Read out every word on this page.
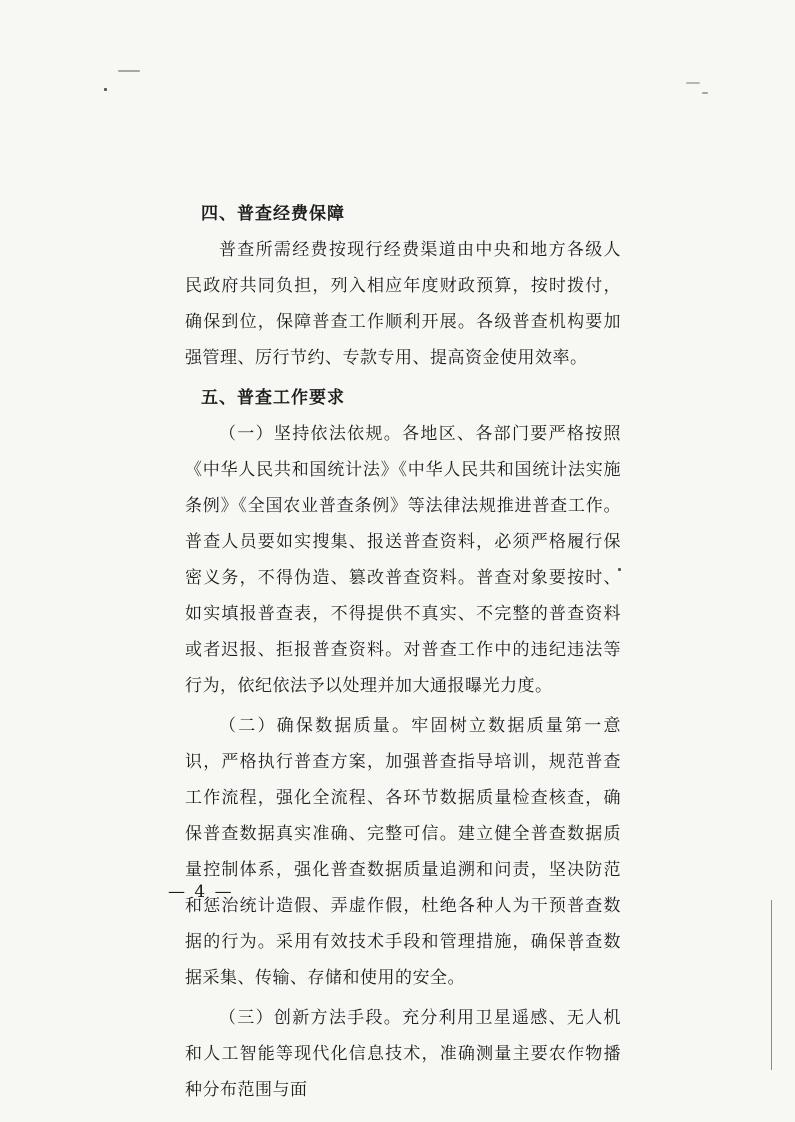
四、普查经费保障

普查所需经费按现行经费渠道由中央和地方各级人民政府共同负担，列入相应年度财政预算，按时拨付，确保到位，保障普查工作顺利开展。各级普查机构要加强管理、厉行节约、专款专用、提高资金使用效率。

五、普查工作要求

（一）坚持依法依规。各地区、各部门要严格按照《中华人民共和国统计法》《中华人民共和国统计法实施条例》《全国农业普查条例》等法律法规推进普查工作。普查人员要如实搜集、报送普查资料，必须严格履行保密义务，不得伪造、篡改普查资料。普查对象要按时、如实填报普查表，不得提供不真实、不完整的普查资料或者迟报、拒报普查资料。对普查工作中的违纪违法等行为，依纪依法予以处理并加大通报曝光力度。

（二）确保数据质量。牢固树立数据质量第一意识，严格执行普查方案，加强普查指导培训，规范普查工作流程，强化全流程、各环节数据质量检查核查，确保普查数据真实准确、完整可信。建立健全普查数据质量控制体系，强化普查数据质量追溯和问责，坚决防范和惩治统计造假、弄虚作假，杜绝各种人为干预普查数据的行为。采用有效技术手段和管理措施，确保普查数据采集、传输、存储和使用的安全。

（三）创新方法手段。充分利用卫星遥感、无人机和人工智能等现代化信息技术，准确测量主要农作物播种分布范围与面

— 4 —
